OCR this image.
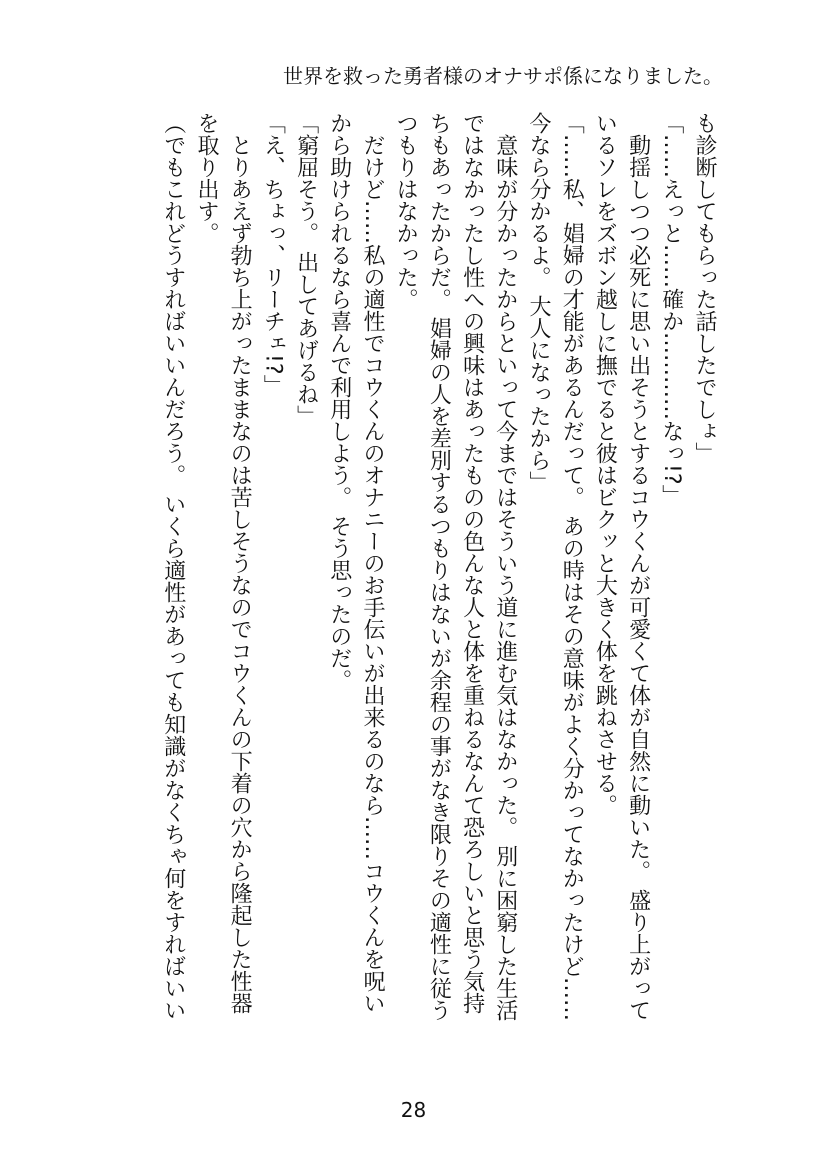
世界を救った勇者様のオナサポ係になりました。
も診断してもらった話したでしょ」
「……えっと……確か…………なっ!?」
　動揺しつつ必死に思い出そうとするコウくんが可愛くて体が自然に動いた。 盛り上がって
いるソレをズボン越しに撫でると彼はビクッと大きく体を跳ねさせる。
「……私、娼婦の才能があるんだって。 あの時はその意味がよく分かってなかったけど……
今なら分かるよ。 大人になったから」
　意味が分かったからといって今まではそういう道に進む気はなかった。 別に困窮した生活
ではなかったし性への興味はあったものの色んな人と体を重ねるなんて恐ろしいと思う気持
ちもあったからだ。 娼婦の人を差別するつもりはないが余程の事がなき限りその適性に従う
つもりはなかった。
　だけど……私の適性でコウくんのオナニーのお手伝いが出来るのなら……コウくんを呪い
から助けられるなら喜んで利用しよう。 そう思ったのだ。
「窮屈そう。 出してあげるね」
「え、ちょっ、リーチェ!?」
　とりあえず勃ち上がったままなのは苦しそうなのでコウくんの下着の穴から隆起した性器
を取り出す。
（でもこれどうすればいいんだろう。 いくら適性があっても知識がなくちゃ何をすればいい
28
